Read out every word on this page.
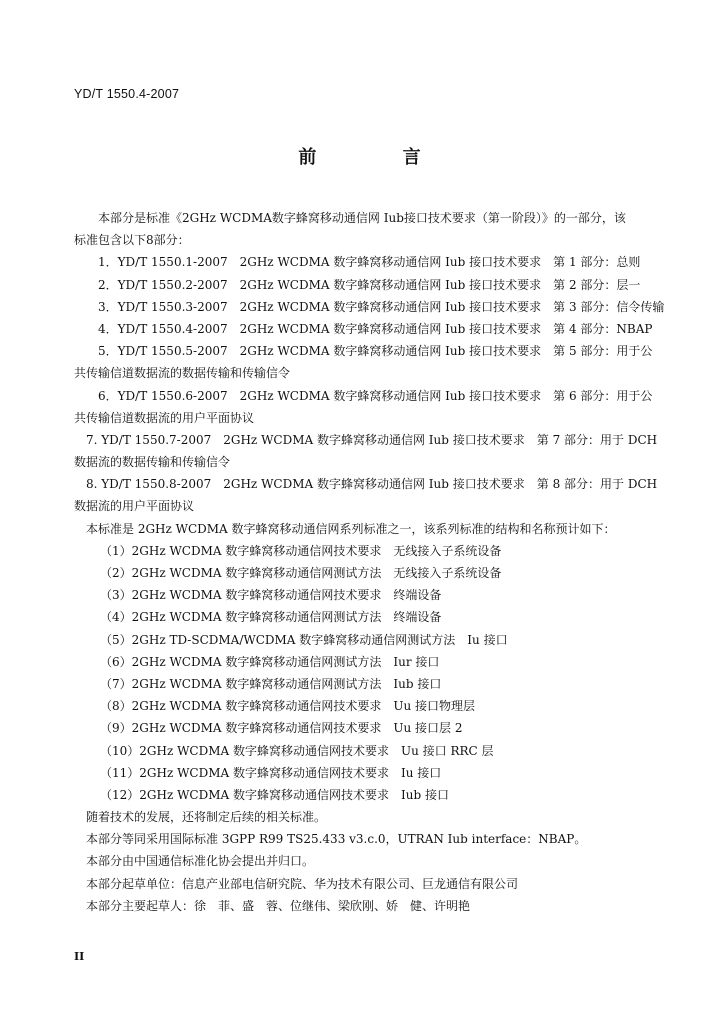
YD/T 1550.4-2007
前 言
本部分是标准《2GHz WCDMA数字蜂窝移动通信网 Iub接口技术要求（第一阶段）》的一部分，该
标准包含以下8部分：
1．YD/T 1550.1-2007　2GHz WCDMA 数字蜂窝移动通信网 Iub 接口技术要求　第 1 部分：总则
2．YD/T 1550.2-2007　2GHz WCDMA 数字蜂窝移动通信网 Iub 接口技术要求　第 2 部分：层一
3．YD/T 1550.3-2007　2GHz WCDMA 数字蜂窝移动通信网 Iub 接口技术要求　第 3 部分：信令传输
4．YD/T 1550.4-2007　2GHz WCDMA 数字蜂窝移动通信网 Iub 接口技术要求　第 4 部分：NBAP
5．YD/T 1550.5-2007　2GHz WCDMA 数字蜂窝移动通信网 Iub 接口技术要求　第 5 部分：用于公
共传输信道数据流的数据传输和传输信令
6．YD/T 1550.6-2007　2GHz WCDMA 数字蜂窝移动通信网 Iub 接口技术要求　第 6 部分：用于公
共传输信道数据流的用户平面协议
7. YD/T 1550.7-2007　2GHz WCDMA 数字蜂窝移动通信网 Iub 接口技术要求　第 7 部分：用于 DCH
数据流的数据传输和传输信令
8. YD/T 1550.8-2007　2GHz WCDMA 数字蜂窝移动通信网 Iub 接口技术要求　第 8 部分：用于 DCH
数据流的用户平面协议
本标准是 2GHz WCDMA 数字蜂窝移动通信网系列标准之一，该系列标准的结构和名称预计如下：
（1）2GHz WCDMA 数字蜂窝移动通信网技术要求　无线接入子系统设备
（2）2GHz WCDMA 数字蜂窝移动通信网测试方法　无线接入子系统设备
（3）2GHz WCDMA 数字蜂窝移动通信网技术要求　终端设备
（4）2GHz WCDMA 数字蜂窝移动通信网测试方法　终端设备
（5）2GHz TD-SCDMA/WCDMA 数字蜂窝移动通信网测试方法　Iu 接口
（6）2GHz WCDMA 数字蜂窝移动通信网测试方法　Iur 接口
（7）2GHz WCDMA 数字蜂窝移动通信网测试方法　Iub 接口
（8）2GHz WCDMA 数字蜂窝移动通信网技术要求　Uu 接口物理层
（9）2GHz WCDMA 数字蜂窝移动通信网技术要求　Uu 接口层 2
（10）2GHz WCDMA 数字蜂窝移动通信网技术要求　Uu 接口 RRC 层
（11）2GHz WCDMA 数字蜂窝移动通信网技术要求　Iu 接口
（12）2GHz WCDMA 数字蜂窝移动通信网技术要求　Iub 接口
随着技术的发展，还将制定后续的相关标准。
本部分等同采用国际标准 3GPP R99 TS25.433 v3.c.0，UTRAN Iub interface：NBAP。
本部分由中国通信标准化协会提出并归口。
本部分起草单位：信息产业部电信研究院、华为技术有限公司、巨龙通信有限公司
本部分主要起草人：徐　菲、盛　蓉、位继伟、梁欣刚、娇　健、许明艳
II
